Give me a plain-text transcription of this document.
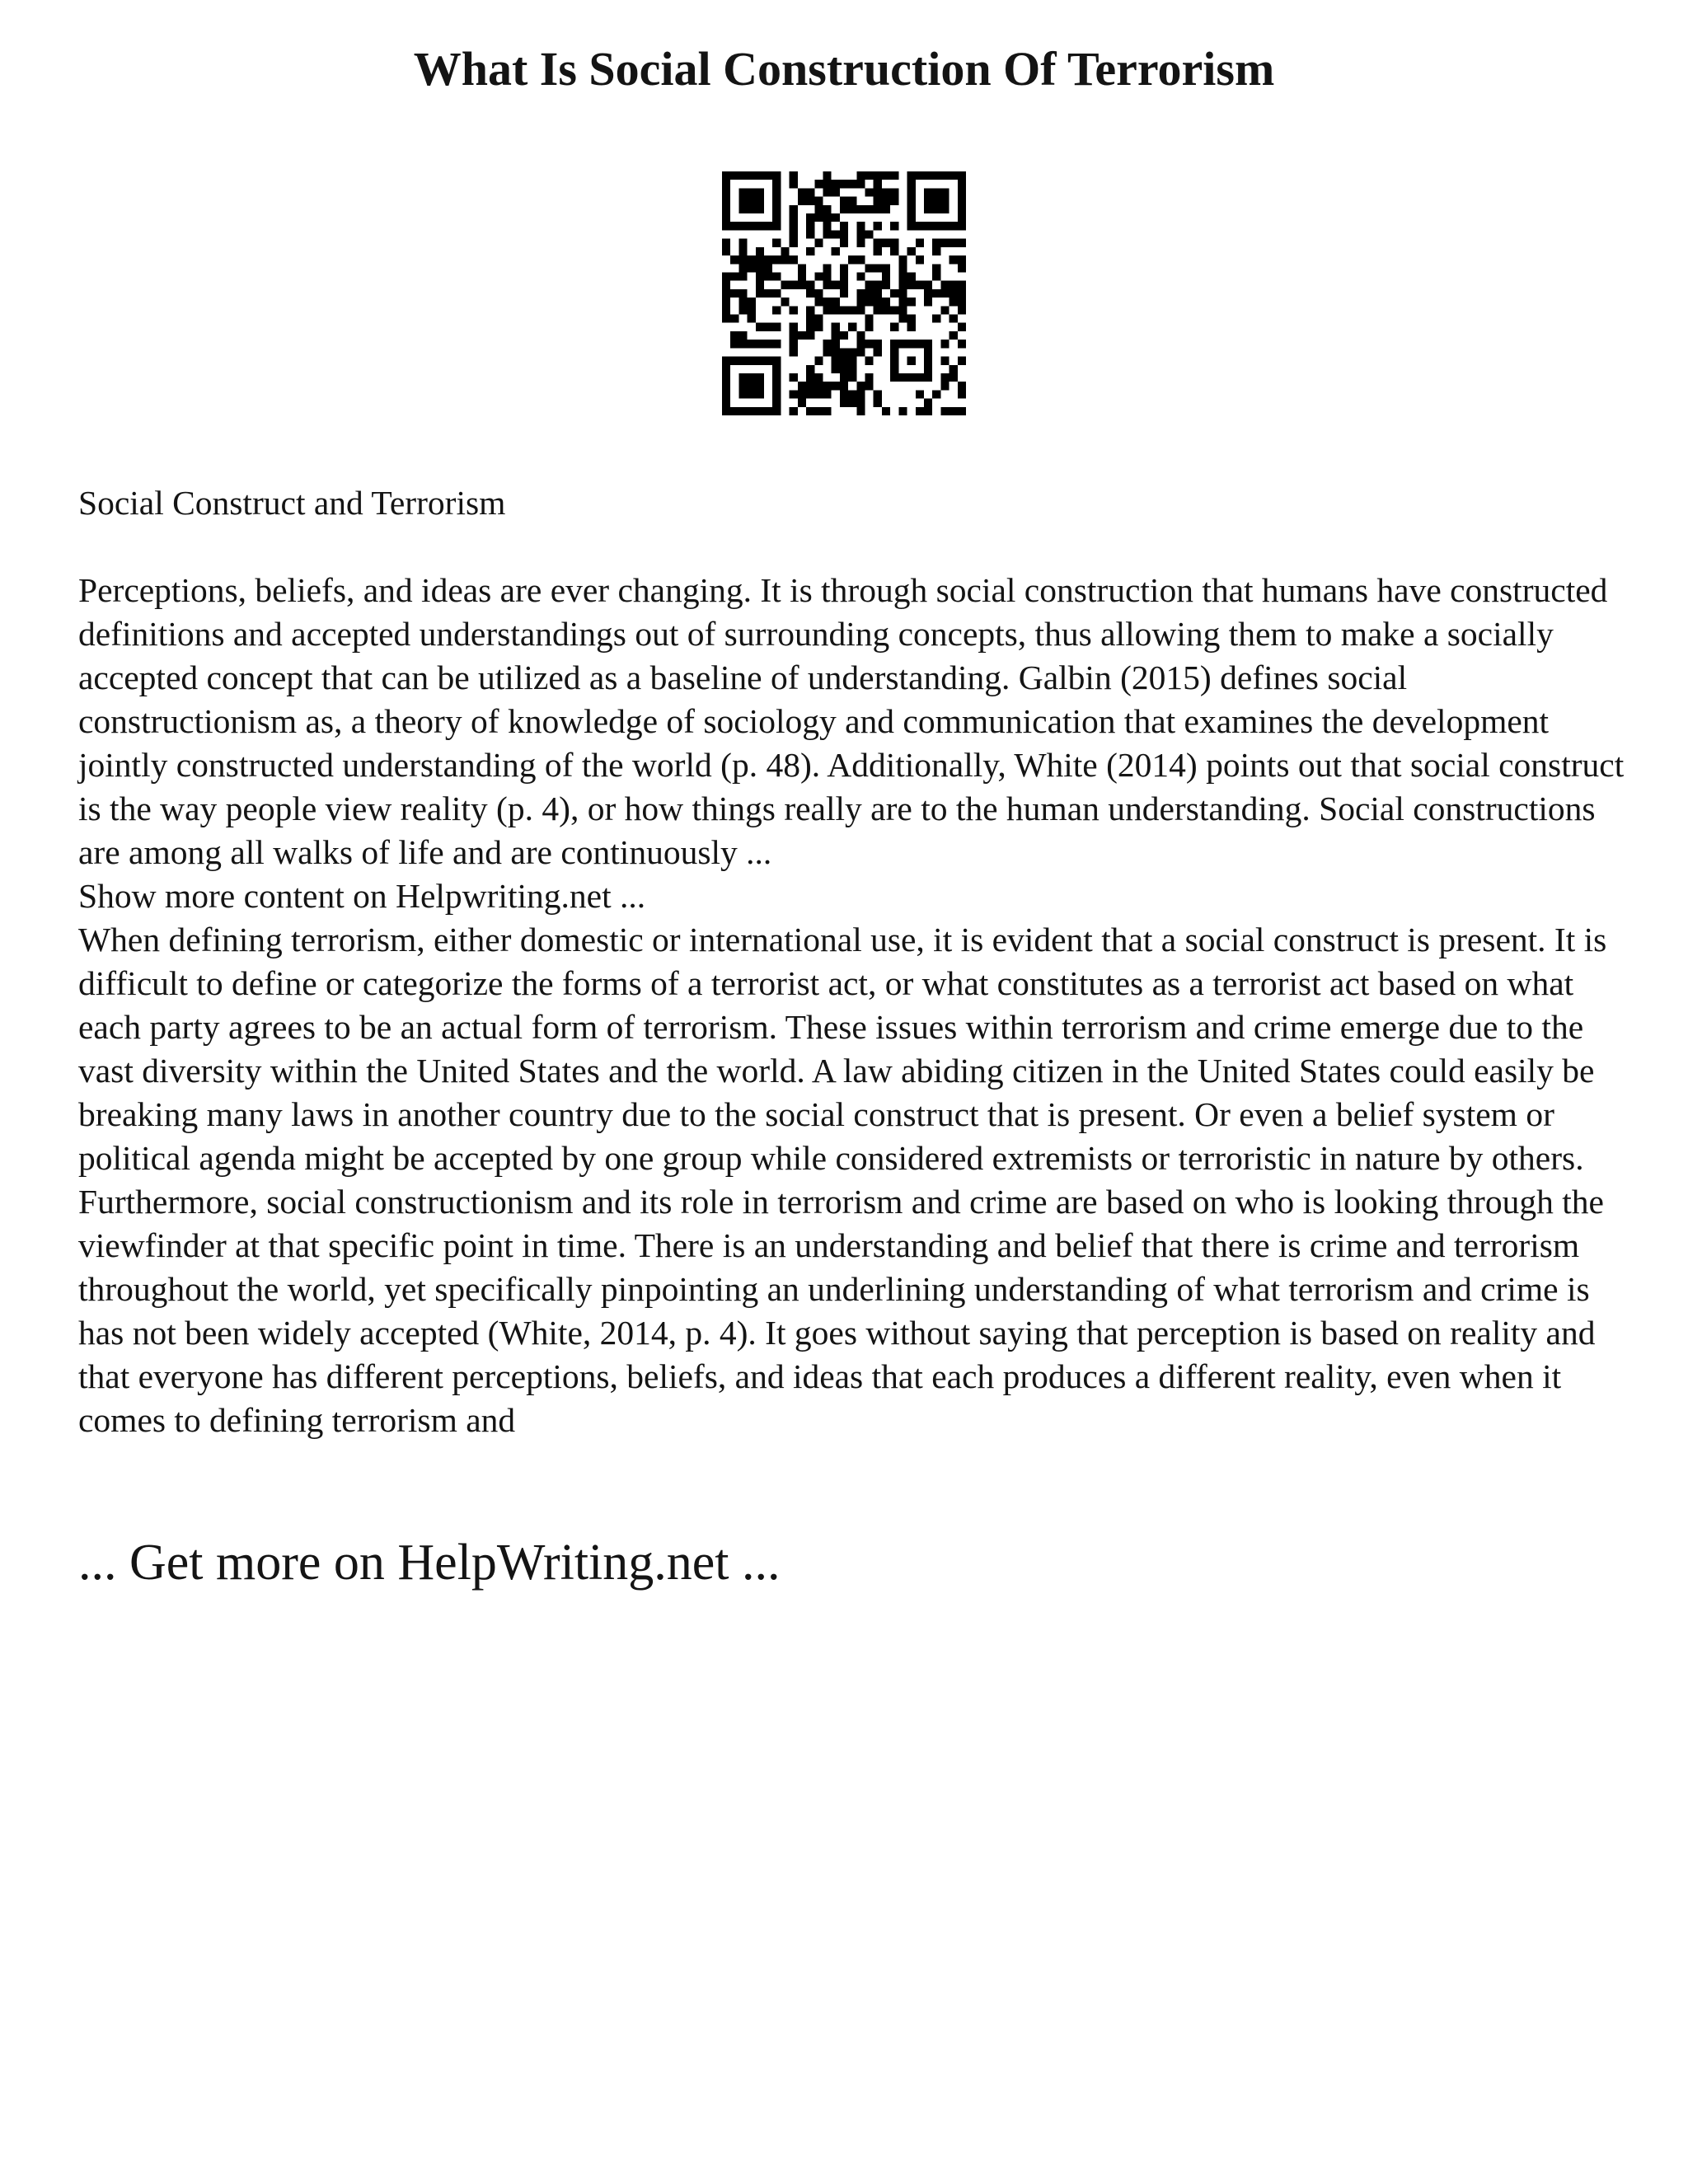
What Is Social Construction Of Terrorism

Social Construct and Terrorism

Perceptions, beliefs, and ideas are ever changing. It is through social construction that humans have constructed definitions and accepted understandings out of surrounding concepts, thus allowing them to make a socially accepted concept that can be utilized as a baseline of understanding. Galbin (2015) defines social constructionism as, a theory of knowledge of sociology and communication that examines the development jointly constructed understanding of the world (p. 48). Additionally, White (2014) points out that social construct is the way people view reality (p. 4), or how things really are to the human understanding. Social constructions are among all walks of life and are continuously ...

Show more content on Helpwriting.net ...

When defining terrorism, either domestic or international use, it is evident that a social construct is present. It is difficult to define or categorize the forms of a terrorist act, or what constitutes as a terrorist act based on what each party agrees to be an actual form of terrorism. These issues within terrorism and crime emerge due to the vast diversity within the United States and the world. A law abiding citizen in the United States could easily be breaking many laws in another country due to the social construct that is present. Or even a belief system or political agenda might be accepted by one group while considered extremists or terroristic in nature by others. Furthermore, social constructionism and its role in terrorism and crime are based on who is looking through the viewfinder at that specific point in time. There is an understanding and belief that there is crime and terrorism throughout the world, yet specifically pinpointing an underlining understanding of what terrorism and crime is has not been widely accepted (White, 2014, p. 4). It goes without saying that perception is based on reality and that everyone has different perceptions, beliefs, and ideas that each produces a different reality, even when it comes to defining terrorism and

... Get more on HelpWriting.net ...
